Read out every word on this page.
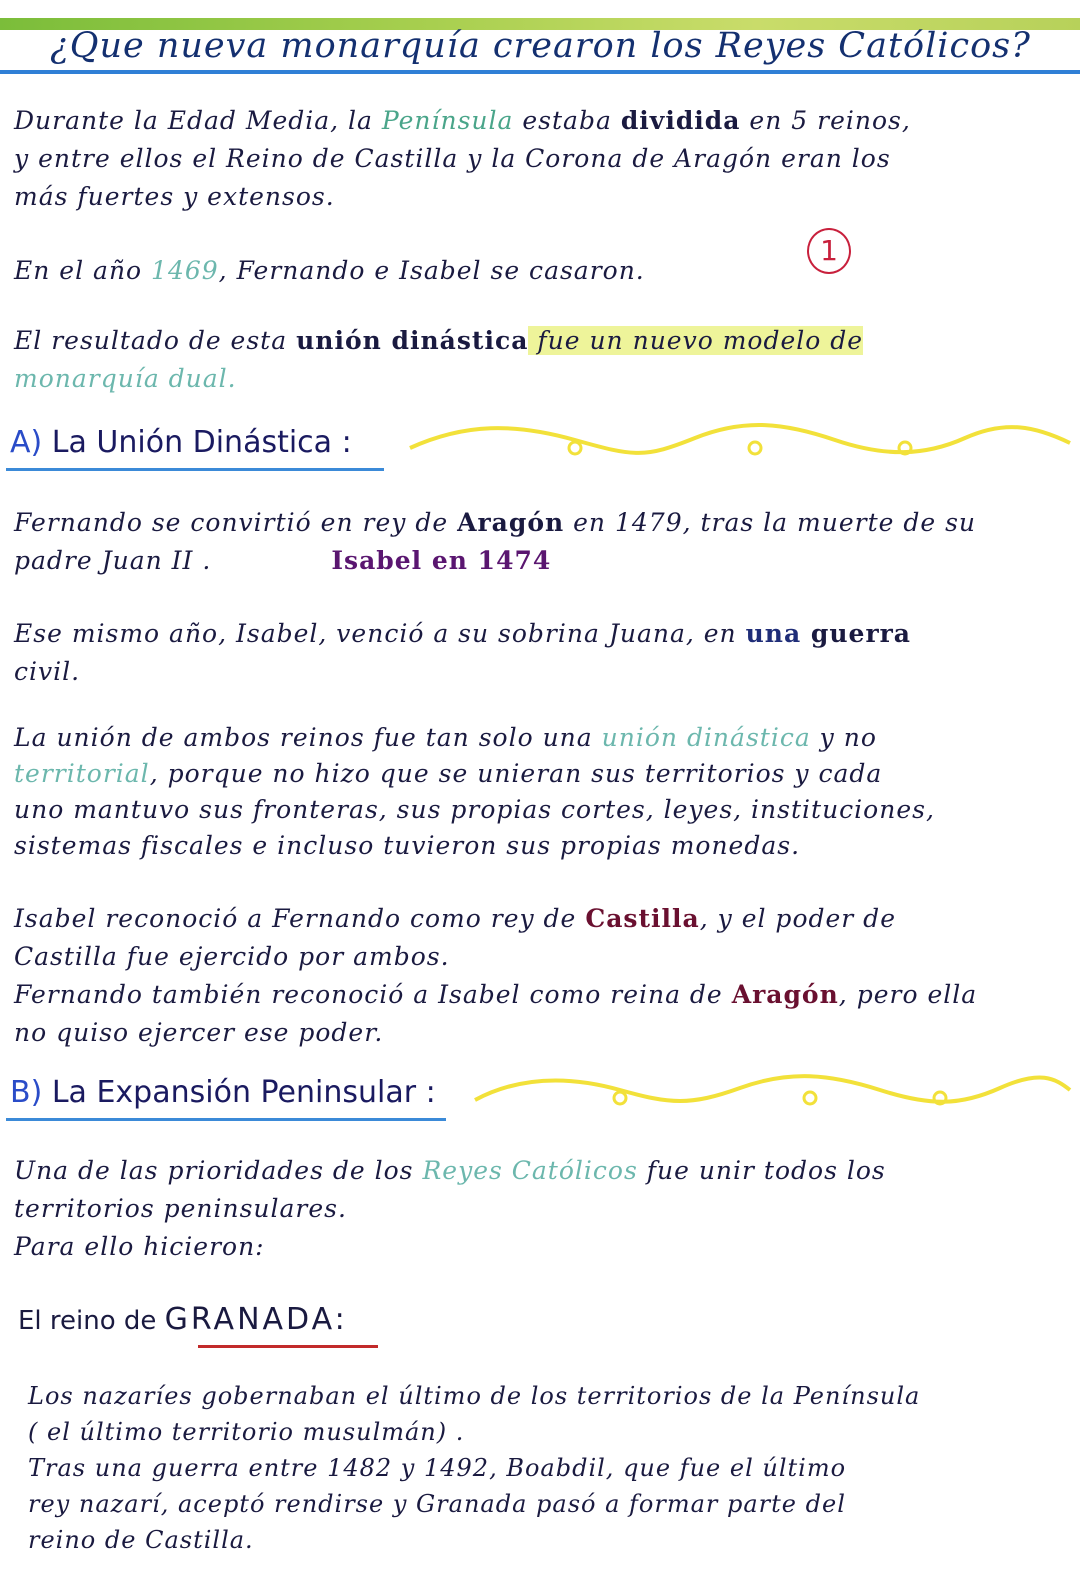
¿Que nueva monarquía crearon los Reyes Católicos?
Durante la Edad Media, la Península estaba dividida en 5 reinos,
y entre ellos el Reino de Castilla y la Corona de Aragón eran los
más fuertes y extensos.
En el año 1469, Fernando e Isabel se casaron.
1
El resultado de esta unión dinástica fue un nuevo modelo de
monarquía dual.
A) La Unión Dinástica :
Fernando se convirtió en rey de Aragón en 1479, tras la muerte de su
padre Juan II .	Isabel en 1474
Ese mismo año, Isabel, venció a su sobrina Juana, en una guerra
civil.
La unión de ambos reinos fue tan solo una unión dinástica y no
territorial, porque no hizo que se unieran sus territorios y cada
uno mantuvo sus fronteras, sus propias cortes, leyes, instituciones,
sistemas fiscales e incluso tuvieron sus propias monedas.
Isabel reconoció a Fernando como rey de Castilla, y el poder de
Castilla fue ejercido por ambos.
Fernando también reconoció a Isabel como reina de Aragón, pero ella
no quiso ejercer ese poder.
B) La Expansión Peninsular :
Una de las prioridades de los Reyes Católicos fue unir todos los
territorios peninsulares.
Para ello hicieron:
El reino de GRANADA:
Los nazaríes gobernaban el último de los territorios de la Península
( el último territorio musulmán) .
Tras una guerra entre 1482 y 1492, Boabdil, que fue el último
rey nazarí, aceptó rendirse y Granada pasó a formar parte del
reino de Castilla.
